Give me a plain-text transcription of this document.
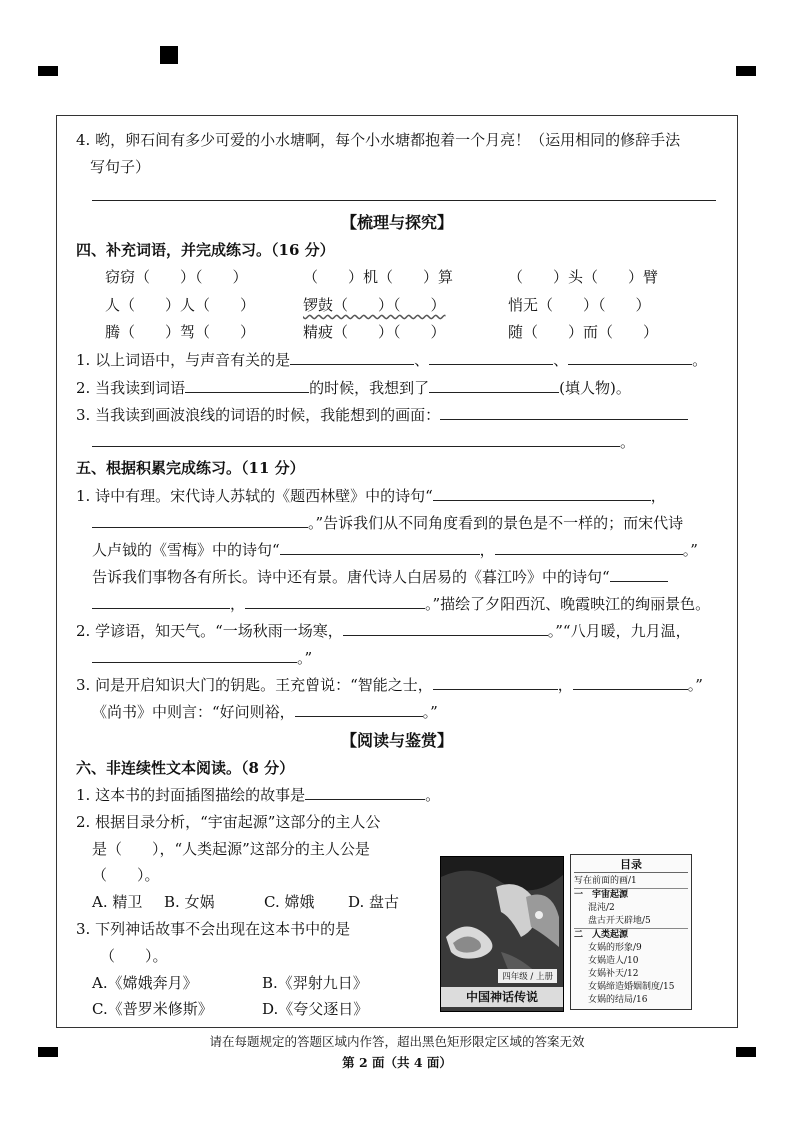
4. 哟，卵石间有多少可爱的小水塘啊，每个小水塘都抱着一个月亮！（运用相同的修辞手法
写句子）
【梳理与探究】
四、补充词语，并完成练习。（16 分）
窃窃（　　）（　　）	（　　）机（　　）算	（　　）头（　　）臂
人（　　）人（　　）	锣鼓（　　）（　　）	悄无（　　）（　　）
腾（　　）驾（　　）	精疲（　　）（　　）	随（　　）而（　　）
1. 以上词语中，与声音有关的是	、	、	。
2. 当我读到词语	的时候，我想到了	(填人物)。
3. 当我读到画波浪线的词语的时候，我能想到的画面：
。
五、根据积累完成练习。（11 分）
1. 诗中有理。宋代诗人苏轼的《题西林壁》中的诗句“	，
。”告诉我们从不同角度看到的景色是不一样的；而宋代诗
人卢钺的《雪梅》中的诗句“	，	。”
告诉我们事物各有所长。诗中还有景。唐代诗人白居易的《暮江吟》中的诗句“
，	。”描绘了夕阳西沉、晚霞映江的绚丽景色。
2. 学谚语，知天气。“一场秋雨一场寒，	。”“八月暖，九月温，
。”
3. 问是开启知识大门的钥匙。王充曾说：“智能之士，	，	。”
《尚书》中则言：“好问则裕，	。”
【阅读与鉴赏】
六、非连续性文本阅读。（8 分）
1. 这本书的封面插图描绘的故事是	。
2. 根据目录分析，“宇宙起源”这部分的主人公
是（　　），“人类起源”这部分的主人公是
（　　）。
A. 精卫 B. 女娲	C. 嫦娥 D. 盘古
3. 下列神话故事不会出现在这本书中的是
（　　）。
A.《嫦娥奔月》	B.《羿射九日》
C.《普罗米修斯》	D.《夸父逐日》
四年级 / 上册
中国神话传说
目录
写在前面的画/1
一　宇宙起源
混沌/2
盘古开天辟地/5
二　人类起源
女娲的形象/9
女娲造人/10
女娲补天/12
女娲缔造婚姻制度/15
女娲的结局/16
请在每题规定的答题区域内作答，超出黑色矩形限定区域的答案无效
第 2 面（共 4 面）
